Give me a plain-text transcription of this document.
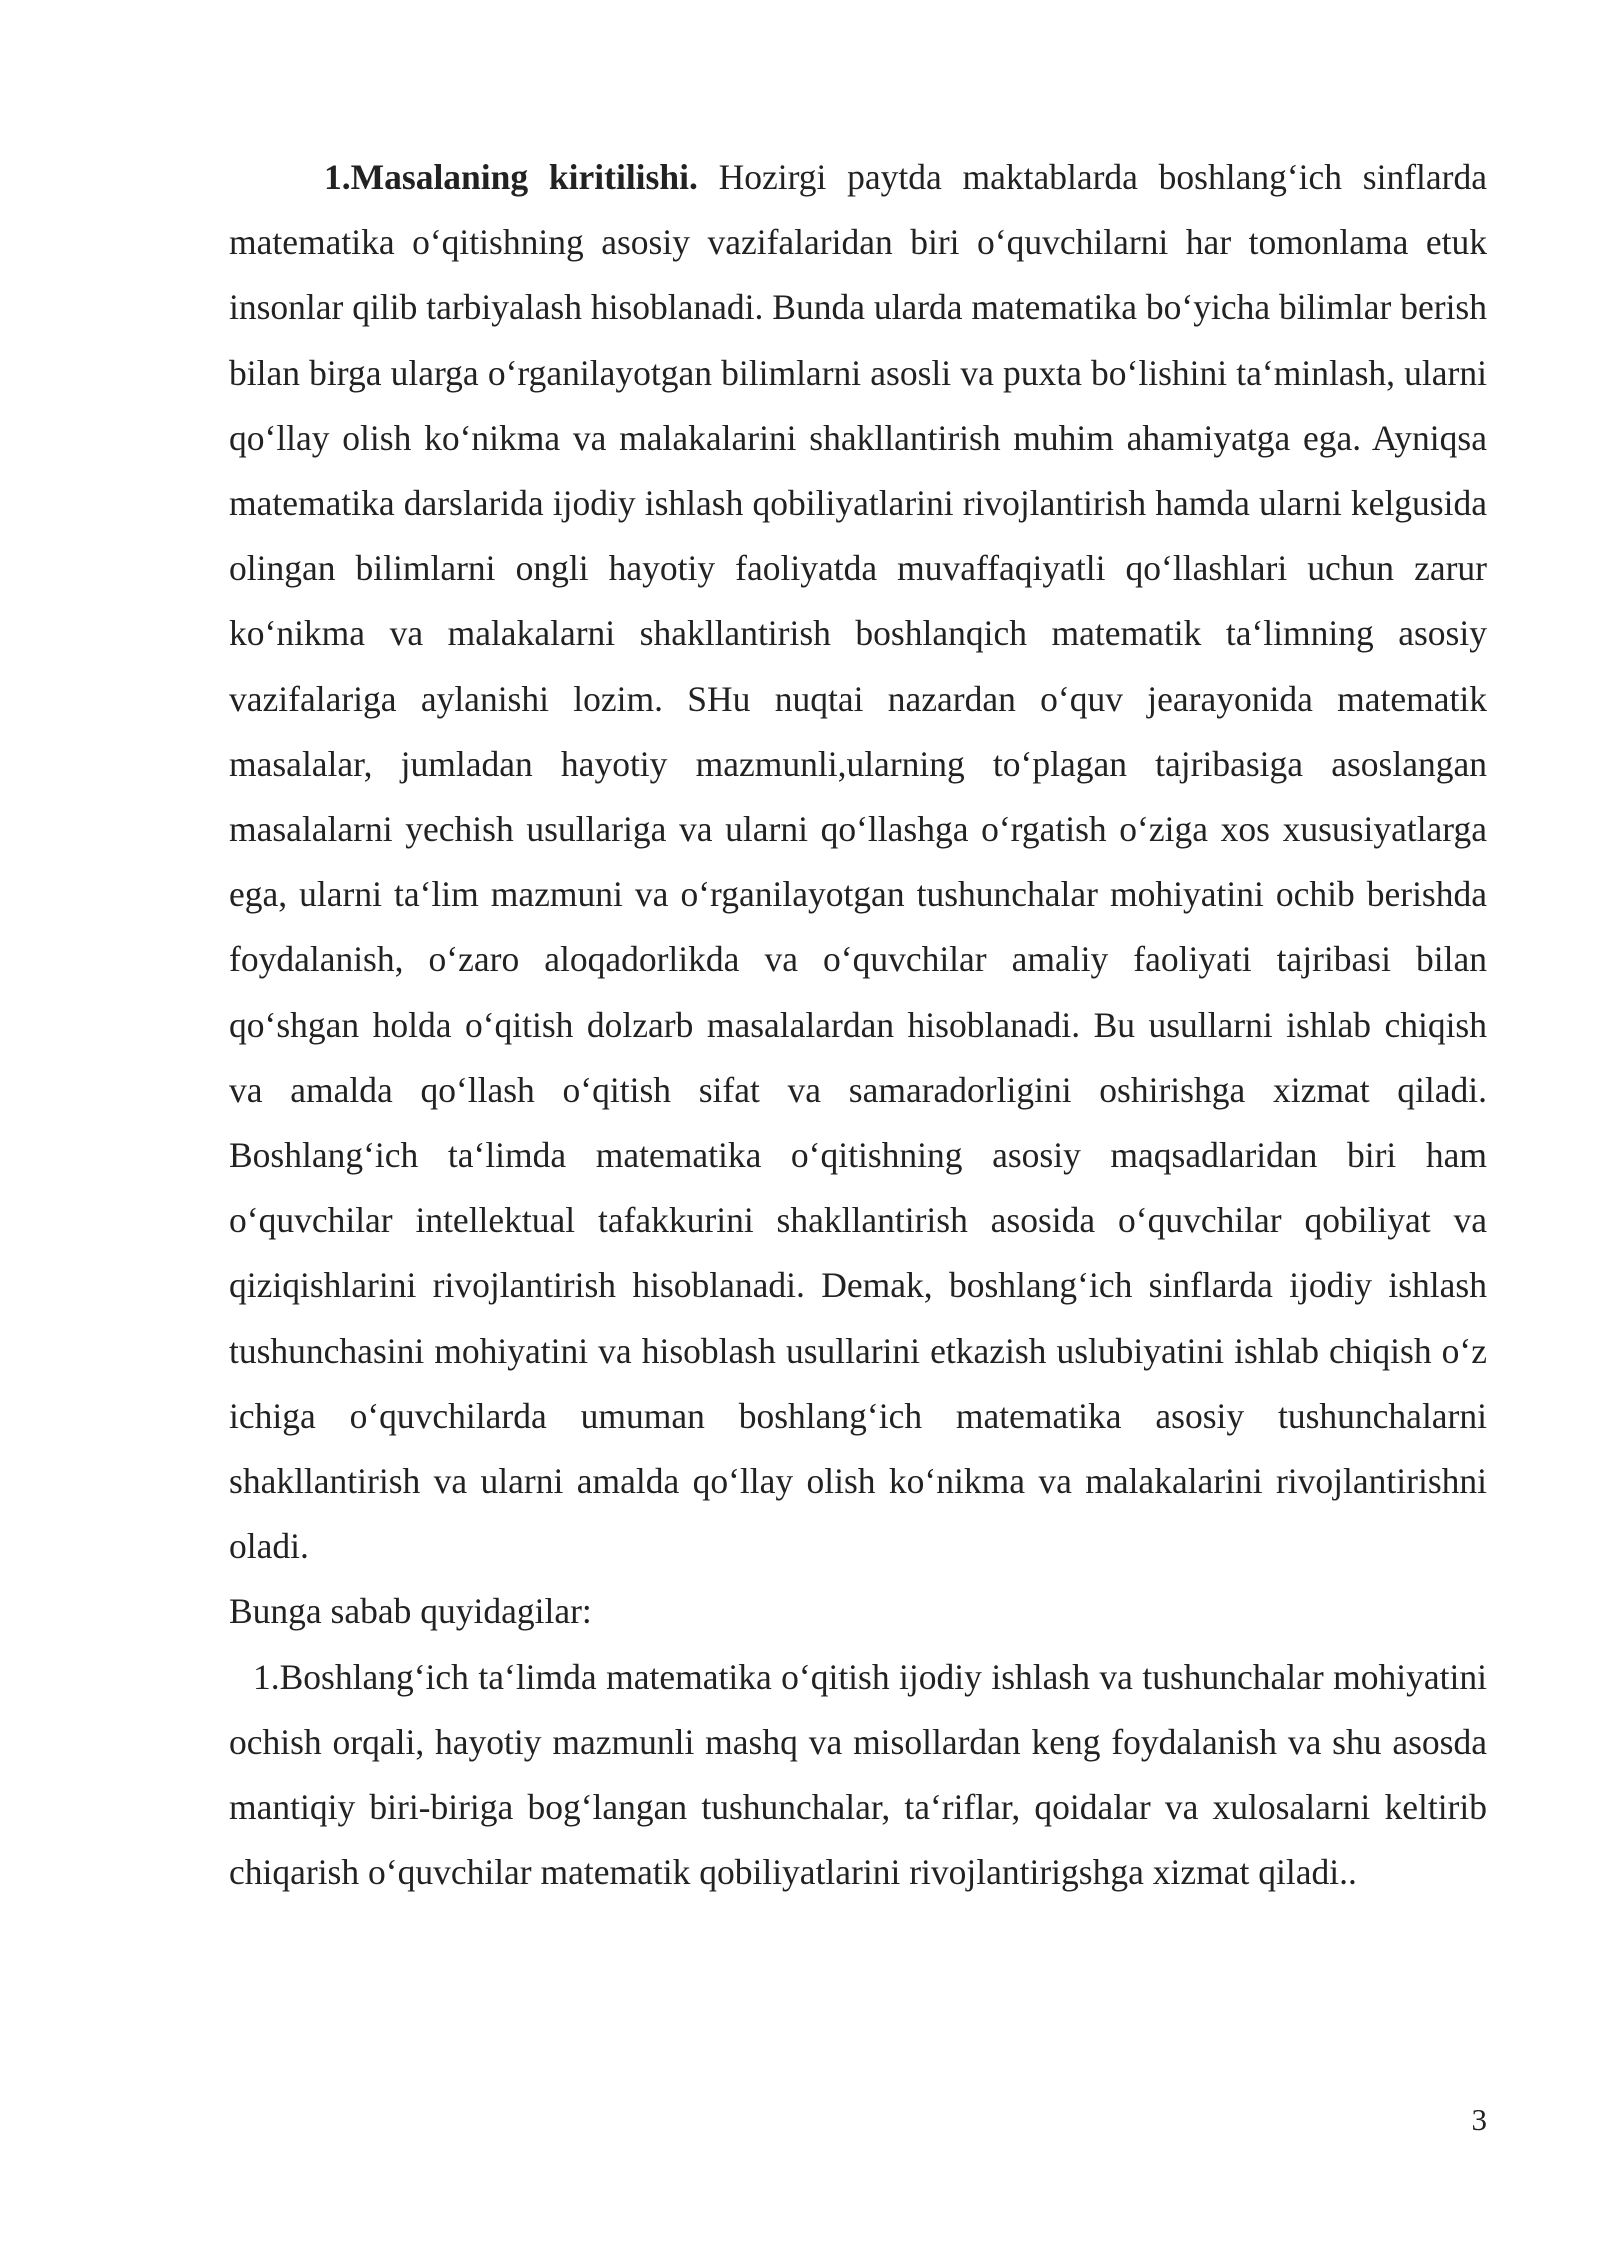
1.Masalaning kiritilishi. Hozirgi paytda maktablarda boshlang‘ich sinflarda matematika o‘qitishning asosiy vazifalaridan biri o‘quvchilarni har tomonlama etuk insonlar qilib tarbiyalash hisoblanadi. Bunda ularda matematika bo‘yicha bilimlar berish bilan birga ularga o‘rganilayotgan bilimlarni asosli va puxta bo‘lishini ta‘minlash, ularni qo‘llay olish ko‘nikma va malakalarini shakllantirish muhim ahamiyatga ega. Ayniqsa matematika darslarida ijodiy ishlash qobiliyatlarini rivojlantirish hamda ularni kelgusida olingan bilimlarni ongli hayotiy faoliyatda muvaffaqiyatli qo‘llashlari uchun zarur ko‘nikma va malakalarni shakllantirish boshlanqich matematik ta‘limning asosiy vazifalariga aylanishi lozim. SHu nuqtai nazardan o‘quv jearayonida matematik masalalar, jumladan hayotiy mazmunli,ularning to‘plagan tajribasiga asoslangan masalalarni yechish usullariga va ularni qo‘llashga o‘rgatish o‘ziga xos xususiyatlarga ega, ularni ta‘lim mazmuni va o‘rganilayotgan tushunchalar mohiyatini ochib berishda foydalanish, o‘zaro aloqadorlikda va o‘quvchilar amaliy faoliyati tajribasi bilan qo‘shgan holda o‘qitish dolzarb masalalardan hisoblanadi. Bu usullarni ishlab chiqish va amalda qo‘llash o‘qitish sifat va samaradorligini oshirishga xizmat qiladi. Boshlang‘ich ta‘limda matematika o‘qitishning asosiy maqsadlaridan biri ham o‘quvchilar intellektual tafakkurini shakllantirish asosida o‘quvchilar qobiliyat va qiziqishlarini rivojlantirish hisoblanadi. Demak, boshlang‘ich sinflarda ijodiy ishlash tushunchasini mohiyatini va hisoblash usullarini etkazish uslubiyatini ishlab chiqish o‘z ichiga o‘quvchilarda umuman boshlang‘ich matematika asosiy tushunchalarni shakllantirish va ularni amalda qo‘llay olish ko‘nikma va malakalarini rivojlantirishni oladi.

Bunga sabab quyidagilar:

1.Boshlang‘ich ta‘limda matematika o‘qitish ijodiy ishlash va tushunchalar mohiyatini ochish orqali, hayotiy mazmunli mashq va misollardan keng foydalanish va shu asosda mantiqiy biri-biriga bog‘langan tushunchalar, ta‘riflar, qoidalar va xulosalarni keltirib chiqarish o‘quvchilar matematik qobiliyatlarini rivojlantirigshga xizmat qiladi..

3
